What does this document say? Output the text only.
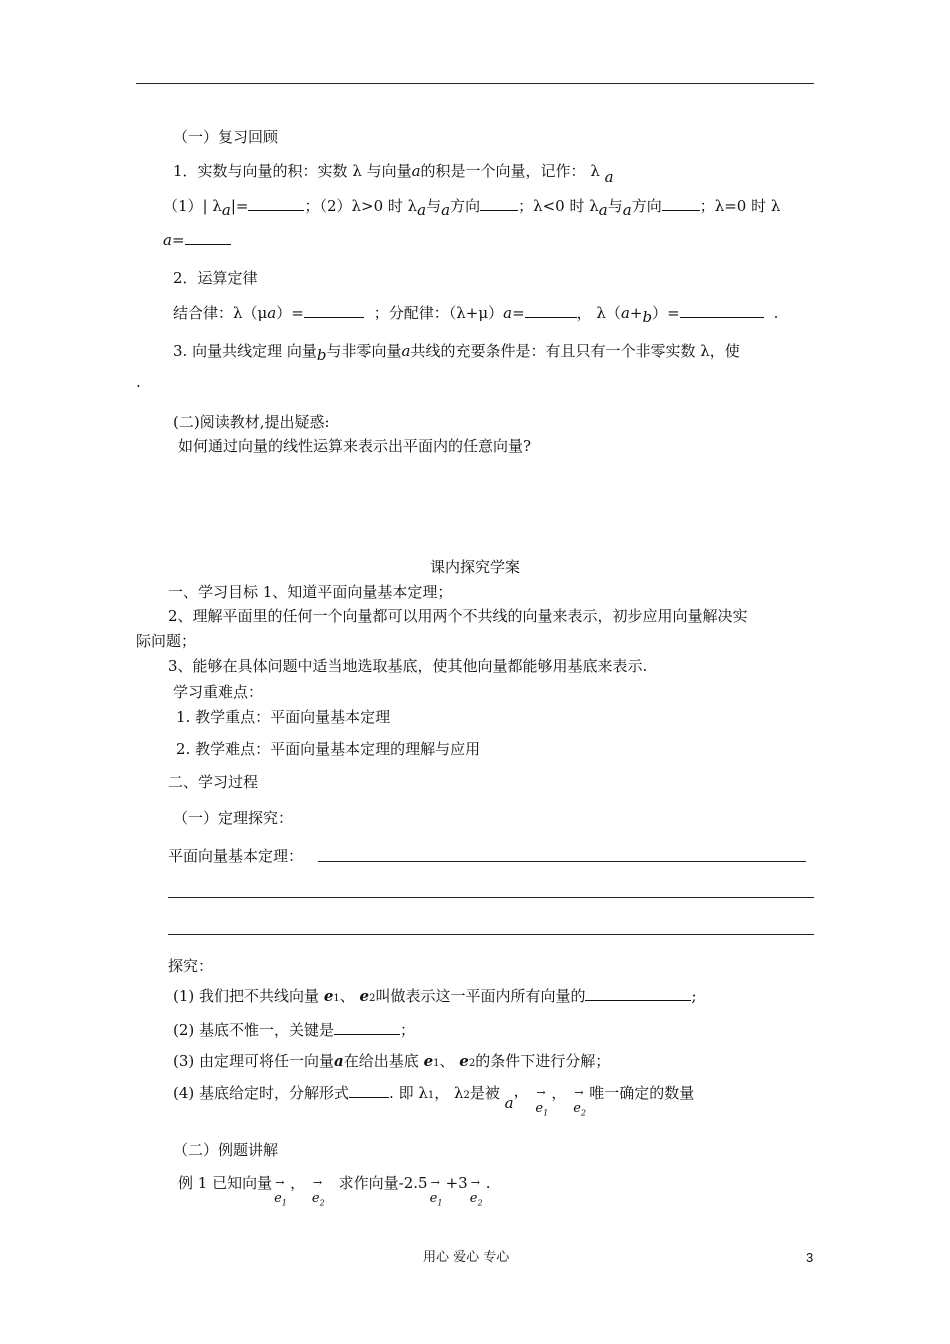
（一）复习回顾
1．实数与向量的积：实数 λ 与向量a的积是一个向量，记作： λ a
（1）| λa|=	；（2）λ>0 时 λa与a方向	；λ<0 时 λa与a方向	；λ=0 时 λ
a=
2．运算定律
结合律：λ（μa）=	；分配律：（λ+μ）a=	， λ（a+b）=	.
3. 向量共线定理 向量b与非零向量a共线的充要条件是：有且只有一个非零实数 λ，使
.
(二)阅读教材,提出疑惑:
如何通过向量的线性运算来表示出平面内的任意向量?
课内探究学案
一、学习目标 1、知道平面向量基本定理；
2、理解平面里的任何一个向量都可以用两个不共线的向量来表示，初步应用向量解决实
际问题；
3、能够在具体问题中适当地选取基底，使其他向量都能够用基底来表示.
学习重难点：
1. 教学重点：平面向量基本定理
2. 教学难点：平面向量基本定理的理解与应用
二、学习过程
（一）定理探究：
平面向量基本定理：
探究：
(1) 我们把不共线向量 e1、 e2叫做表示这一平面内所有向量的	;
(2) 基底不惟一，关键是	；
(3) 由定理可将任一向量a在给出基底 e1、 e2的条件下进行分解；
(4) 基底给定时，分解形式	. 即 λ1， λ2是被 a， →
$e_1$
， →
$e_2$
唯一确定的数量
（二）例题讲解
例 1 已知向量 →
$e_1$
， →
$e_2$
求作向量-2.5 →
$e_1$
+3 →
$e_2$
.
用心 爱心 专心	3
